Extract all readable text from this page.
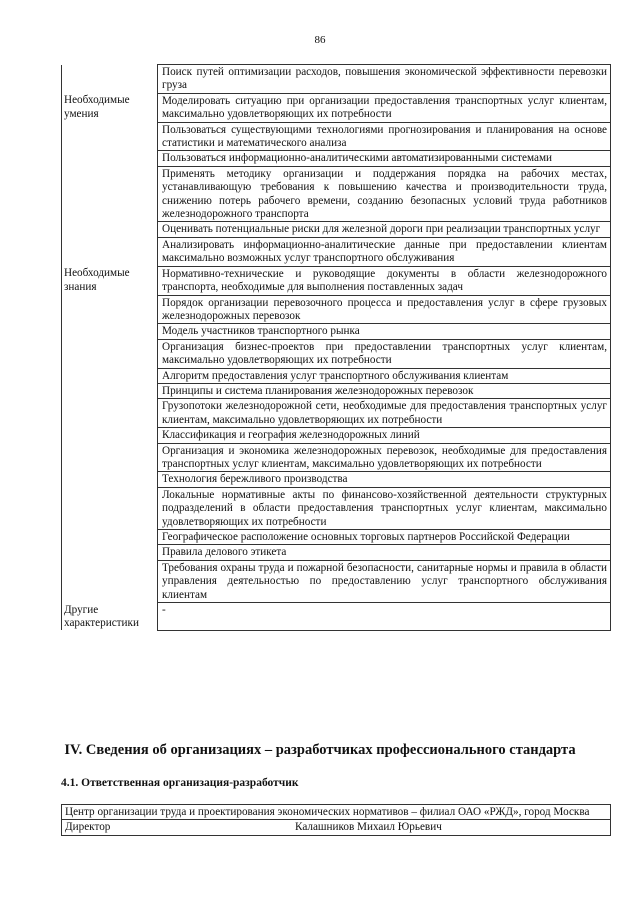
86
	Поиск путей оптимизации расходов, повышения экономической эффективности перевозки груза
Необходимые умения	Моделировать ситуацию при организации предоставления транспортных услуг клиентам, максимально удовлетворяющих их потребности
	Пользоваться существующими технологиями прогнозирования и планирования на основе статистики и математического анализа
	Пользоваться информационно-аналитическими автоматизированными системами
	Применять методику организации и поддержания порядка на рабочих местах, устанавливающую требования к повышению качества и производительности труда, снижению потерь рабочего времени, созданию безопасных условий труда работников железнодорожного транспорта
	Оценивать потенциальные риски для железной дороги при реализации транспортных услуг
	Анализировать информационно-аналитические данные при предоставлении клиентам максимально возможных услуг транспортного обслуживания
Необходимые знания	Нормативно-технические и руководящие документы в области железнодорожного транспорта, необходимые для выполнения поставленных задач
	Порядок организации перевозочного процесса и предоставления услуг в сфере грузовых железнодорожных перевозок
	Модель участников транспортного рынка
	Организация бизнес-проектов при предоставлении транспортных услуг клиентам, максимально удовлетворяющих их потребности
	Алгоритм предоставления услуг транспортного обслуживания клиентам
	Принципы и система планирования железнодорожных перевозок
	Грузопотоки железнодорожной сети, необходимые для предоставления транспортных услуг клиентам, максимально удовлетворяющих их потребности
	Классификация и география железнодорожных линий
	Организация и экономика железнодорожных перевозок, необходимые для предоставления транспортных услуг клиентам, максимально удовлетворяющих их потребности
	Технология бережливого производства
	Локальные нормативные акты по финансово-хозяйственной деятельности структурных подразделений в области предоставления транспортных услуг клиентам, максимально удовлетворяющих их потребности
	Географическое расположение основных торговых партнеров Российской Федерации
	Правила делового этикета
	Требования охраны труда и пожарной безопасности, санитарные нормы и правила в области управления деятельностью по предоставлению услуг транспортного обслуживания клиентам
Другие характеристики	-
IV. Сведения об организациях – разработчиках профессионального стандарта
4.1. Ответственная организация-разработчик
Центр организации труда и проектирования экономических нормативов – филиал ОАО «РЖД», город Москва
Директор	Калашников Михаил Юрьевич
